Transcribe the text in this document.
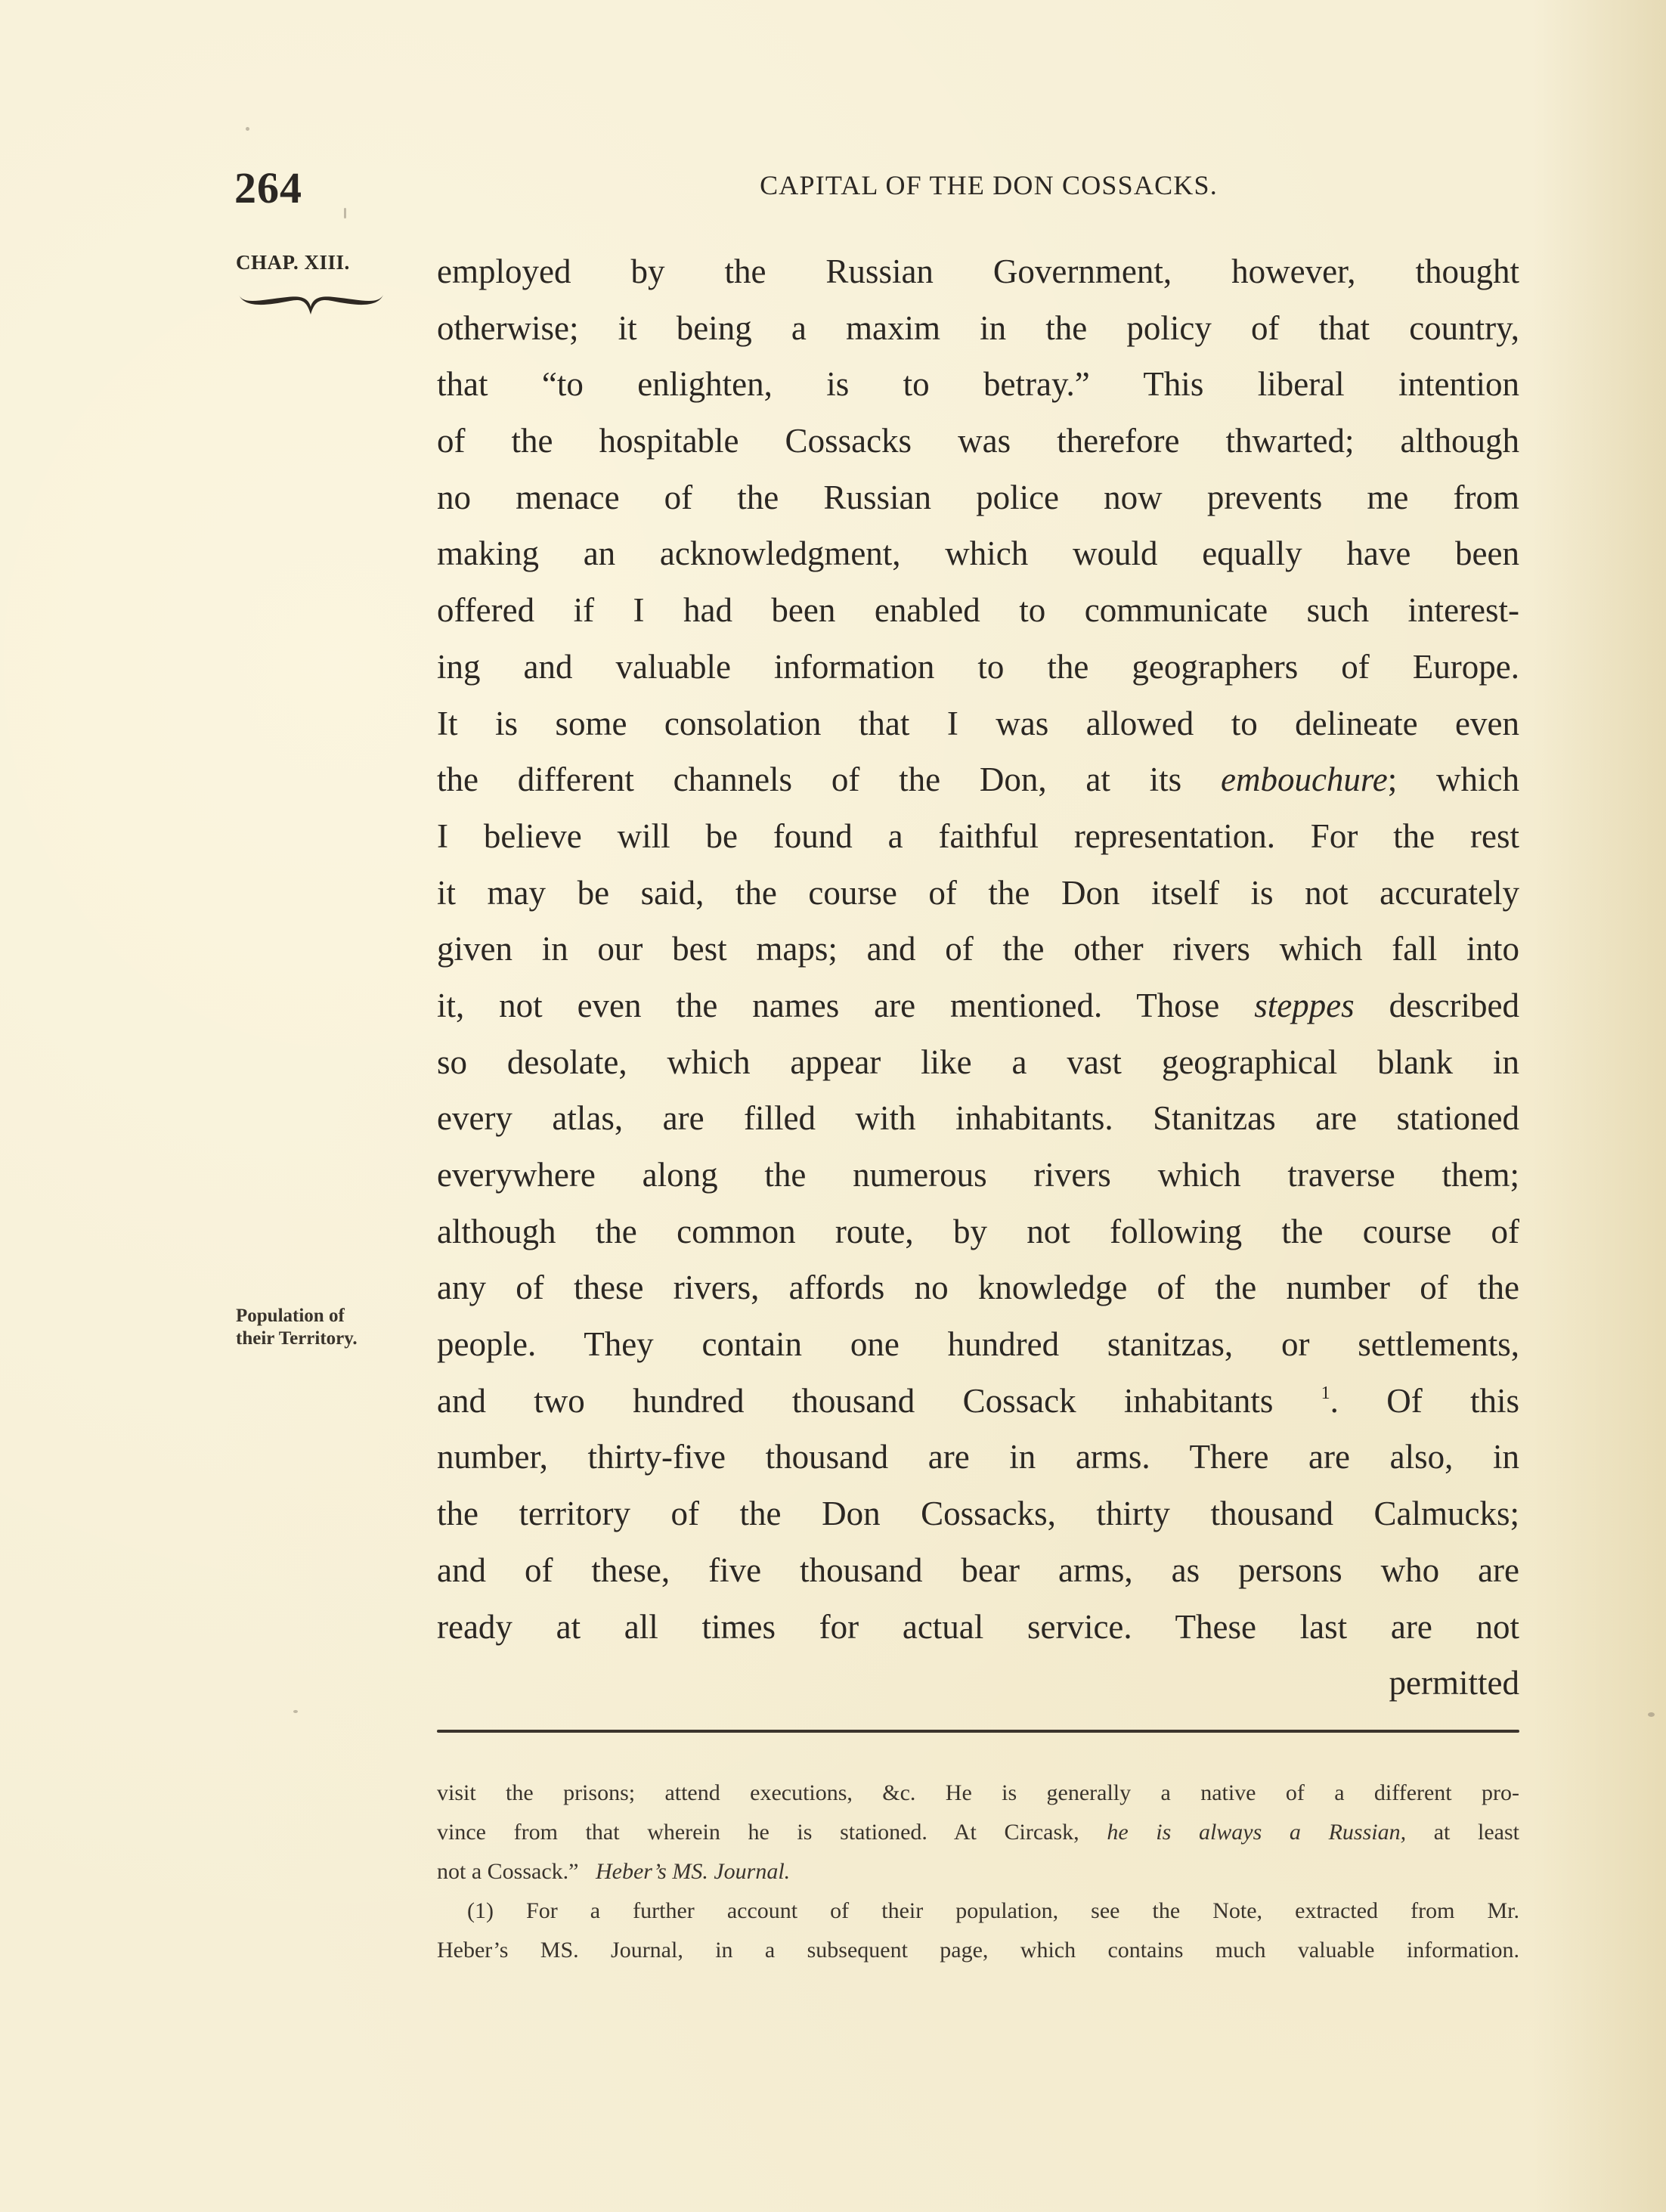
264	CAPITAL OF THE DON COSSACKS.
CHAP. XIII.
Population of
their Territory.
employed by the Russian Government, however, thought
otherwise; it being a maxim in the policy of that country,
that “to enlighten, is to betray.” This liberal intention
of the hospitable Cossacks was therefore thwarted; although
no menace of the Russian police now prevents me from
making an acknowledgment, which would equally have been
offered if I had been enabled to communicate such interest-
ing and valuable information to the geographers of Europe.
It is some consolation that I was allowed to delineate even
the different channels of the Don, at its embouchure; which
I believe will be found a faithful representation. For the rest
it may be said, the course of the Don itself is not accurately
given in our best maps; and of the other rivers which fall into
it, not even the names are mentioned. Those steppes described
so desolate, which appear like a vast geographical blank in
every atlas, are filled with inhabitants. Stanitzas are stationed
everywhere along the numerous rivers which traverse them;
although the common route, by not following the course of
any of these rivers, affords no knowledge of the number of the
people. They contain one hundred stanitzas, or settlements,
and two hundred thousand Cossack inhabitants	$^1$. Of this
number, thirty-five thousand are in arms. There are also, in
the territory of the Don Cossacks, thirty thousand Calmucks;
and of these, five thousand bear arms, as persons who are
ready at all times for actual service. These last are not
permitted
visit the prisons; attend executions, &c. He is generally a native of a different pro-
vince from that wherein he is stationed. At Circask, he is always a Russian, at least
not a Cossack.” Heber’s MS. Journal.
(1) For a further account of their population, see the Note, extracted from Mr.
Heber’s MS. Journal, in a subsequent page, which contains much valuable information.
